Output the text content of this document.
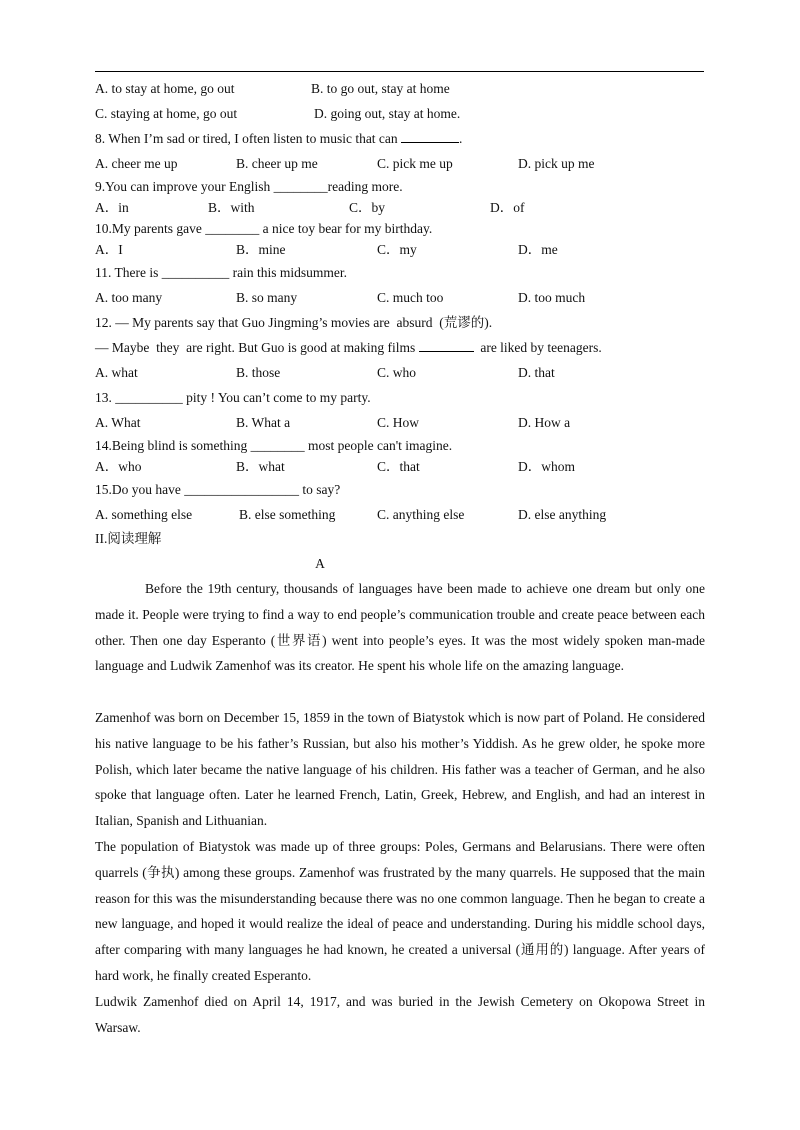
A. to stay at home, go out	B. to go out, stay at home
C. staying at home, go out	D. going out, stay at home.
8. When I’m sad or tired, I often listen to music that can	.
A. cheer me up	B. cheer up me	C. pick me up	D. pick up me
9.You can improve your English ________reading more.
A．in	B．with	C．by	D．of
10.My parents gave ________ a nice toy bear for my birthday.
A．I	B．mine	C．my	D．me
11. There is __________ rain this midsummer.
A. too many	B. so many	C. much too	D. too much
12. — My parents say that Guo Jingming’s movies are  absurd  (荒谬的).
— Maybe  they  are right. But Guo is good at making films	are liked by teenagers.
A. what	B. those	C. who	D. that
13. __________ pity ! You can’t come to my party.
A. What	B. What a	C. How	D. How a
14.Being blind is something ________ most people can't imagine.
A．who	B．what	C．that	D．whom
15.Do you have _________________ to say?
A. something else	B. else something	C. anything else	D. else anything
II.阅读理解
A
Before the 19th century, thousands of languages have been made to achieve one dream but only one made it. People were trying to find a way to end people’s communication trouble and create peace between each other. Then one day Esperanto (世界语) went into people’s eyes. It was the most widely spoken man-made language and Ludwik Zamenhof was its creator. He spent his whole life on the amazing language.
Zamenhof was born on December 15, 1859 in the town of Biatystok which is now part of Poland. He considered his native language to be his father’s Russian, but also his mother’s Yiddish. As he grew older, he spoke more Polish, which later became the native language of his children. His father was a teacher of German, and he also spoke that language often. Later he learned French, Latin, Greek, Hebrew, and English, and had an interest in Italian, Spanish and Lithuanian.
The population of Biatystok was made up of three groups: Poles, Germans and Belarusians. There were often quarrels (争执) among these groups. Zamenhof was frustrated by the many quarrels. He supposed that the main reason for this was the misunderstanding because there was no one common language. Then he began to create a new language, and hoped it would realize the ideal of peace and understanding. During his middle school days, after comparing with many languages he had known, he created a universal (通用的) language. After years of hard work, he finally created Esperanto.
Ludwik Zamenhof died on April 14, 1917, and was buried in the Jewish Cemetery on Okopowa Street in Warsaw.
